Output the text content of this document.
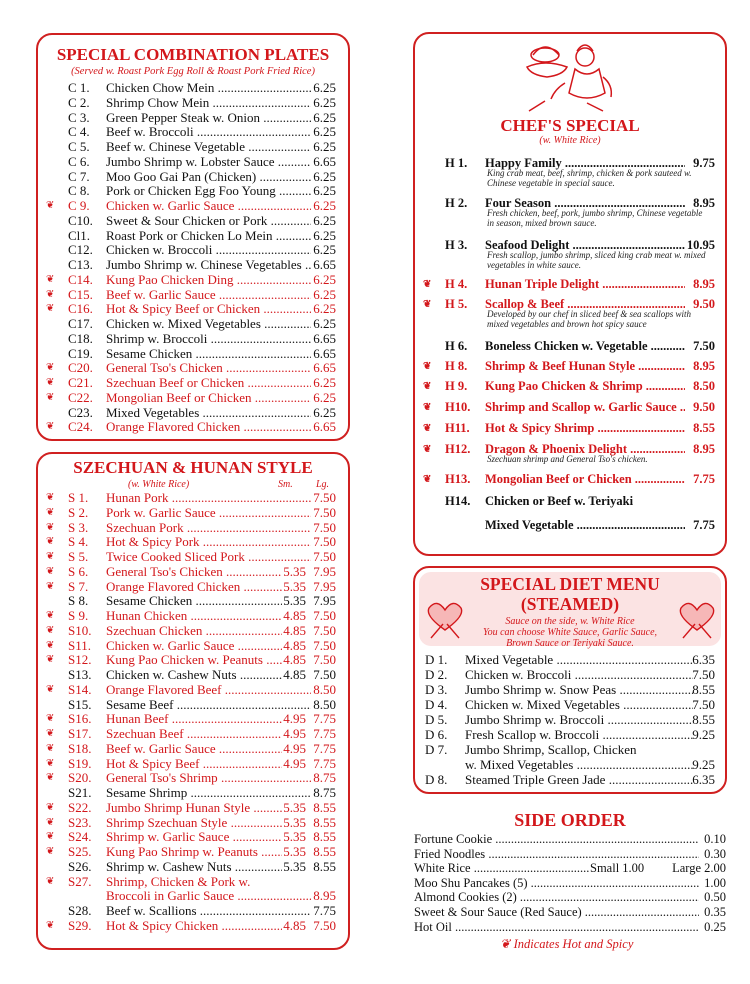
SPECIAL COMBINATION PLATES
(Served w. Roast Pork Egg Roll & Roast Pork Fried Rice)
C 1. Chicken Chow Mein .....	6.25
C 2. Shrimp Chow Mein .....	6.25
C 3. Green Pepper Steak w. Onion .....	6.25
C 4. Beef w. Broccoli .....	6.25
C 5. Beef w. Chinese Vegetable .....	6.25
C 6. Jumbo Shrimp w. Lobster Sauce .....	6.65
C 7. Moo Goo Gai Pan (Chicken) .....	6.25
C 8. Pork or Chicken Egg Foo Young .....	6.25
❦ C 9. Chicken w. Garlic Sauce .....	6.25
C10. Sweet & Sour Chicken or Pork .....	6.25
Cl1. Roast Pork or Chicken Lo Mein .....	6.25
C12. Chicken w. Broccoli .....	6.25
C13. Jumbo Shrimp w. Chinese Vegetables ..... 6.65
❦ C14. Kung Pao Chicken Ding .....	6.25
❦ C15. Beef w. Garlic Sauce .....	6.25
❦ C16. Hot & Spicy Beef or Chicken .....	6.25
C17. Chicken w. Mixed Vegetables .....	6.25
C18. Shrimp w. Broccoli .....	6.65
C19. Sesame Chicken .....	6.65
❦ C20. General Tso's Chicken .....	6.65
❦ C21. Szechuan Beef or Chicken .....	6.25
❦ C22. Mongolian Beef or Chicken .....	6.25
C23. Mixed Vegetables .....	6.25
❦ C24. Orange Flavored Chicken .....	6.65
SZECHUAN & HUNAN STYLE
(w. White Rice)	Sm. Lg.
❦ S 1. Hunan Pork .....	7.50
❦ S 2. Pork w. Garlic Sauce .....	7.50
❦ S 3. Szechuan Pork .....	7.50
❦ S 4. Hot & Spicy Pork .....	7.50
❦ S 5. Twice Cooked Sliced Pork .....	7.50
❦ S 6. General Tso's Chicken .....	5.35 7.95
❦ S 7. Orange Flavored Chicken .....	5.35 7.95
S 8. Sesame Chicken .....	5.35 7.95
❦ S 9. Hunan Chicken .....	4.85 7.50
❦ S10. Szechuan Chicken .....	4.85 7.50
❦ S11. Chicken w. Garlic Sauce .....	4.85 7.50
❦ S12. Kung Pao Chicken w. Peanuts .....	4.85 7.50
S13. Chicken w. Cashew Nuts .....	4.85 7.50
❦ S14. Orange Flavored Beef .....	8.50
S15. Sesame Beef .....	8.50
❦ S16. Hunan Beef .....	4.95 7.75
❦ S17. Szechuan Beef .....	4.95 7.75
❦ S18. Beef w. Garlic Sauce .....	4.95 7.75
❦ S19. Hot & Spicy Beef .....	4.95 7.75
❦ S20. General Tso's Shrimp .....	8.75
S21. Sesame Shrimp .....	8.75
❦ S22. Jumbo Shrimp Hunan Style .....	5.35 8.55
❦ S23. Shrimp Szechuan Style .....	5.35 8.55
❦ S24. Shrimp w. Garlic Sauce .....	5.35 8.55
❦ S25. Kung Pao Shrimp w. Peanuts .....	5.35 8.55
S26. Shrimp w. Cashew Nuts .....	5.35 8.55
❦ S27. Shrimp, Chicken & Pork w.
Broccoli in Garlic Sauce .....	8.95
S28. Beef w. Scallions .....	7.75
❦ S29. Hot & Spicy Chicken .....	4.85 7.50
CHEF'S SPECIAL
(w. White Rice)
H 1. Happy Family .....	9.75
King crab meat, beef, shrimp, chicken & pork sauteed w. Chinese vegetable in special sauce.
H 2. Four Season .....	8.95
Fresh chicken, beef, pork, jumbo shrimp, Chinese vegetable in season, mixed brown sauce.
H 3. Seafood Delight .....	10.95
Fresh scallop, jumbo shrimp, sliced king crab meat w. mixed vegetables in white sauce.
❦ H 4. Hunan Triple Delight .....	8.95
❦ H 5. Scallop & Beef .....	9.50
Developed by our chef in sliced beef & sea scallops with mixed vegetables and brown hot spicy sauce
H 6. Boneless Chicken w. Vegetable .....	7.50
❦ H 8. Shrimp & Beef Hunan Style .....	8.95
❦ H 9. Kung Pao Chicken & Shrimp .....	8.50
❦ H10. Shrimp and Scallop w. Garlic Sauce .....	9.50
❦ H11. Hot & Spicy Shrimp .....	8.55
❦ H12. Dragon & Phoenix Delight .....	8.95
Szechuan shrimp and General Tso's chicken.
❦ H13. Mongolian Beef or Chicken .....	7.75
H14. Chicken or Beef w. Teriyaki
Mixed Vegetable .....	7.75
SPECIAL DIET MENU
(STEAMED)
Sauce on the side, w. White Rice
You can choose White Sauce, Garlic Sauce,
Brown Sauce or Teriyaki Sauce.
D 1. Mixed Vegetable .....	6.35
D 2. Chicken w. Broccoli .....	7.50
D 3. Jumbo Shrimp w. Snow Peas .....	8.55
D 4. Chicken w. Mixed Vegetables .....	7.50
D 5. Jumbo Shrimp w. Broccoli .....	8.55
D 6. Fresh Scallop w. Broccoli .....	9.25
D 7. Jumbo Shrimp, Scallop, Chicken
w. Mixed Vegetables .....	9.25
D 8. Steamed Triple Green Jade .....	6.35
SIDE ORDER
Fortune Cookie .....	0.10
Fried Noodles .....	0.30
White Rice .....	Small 1.00	Large 2.00
Moo Shu Pancakes (5) .....	1.00
Almond Cookies (2) .....	0.50
Sweet & Sour Sauce (Red Sauce) .....	0.35
Hot Oil .....	0.25
❦ Indicates Hot and Spicy
